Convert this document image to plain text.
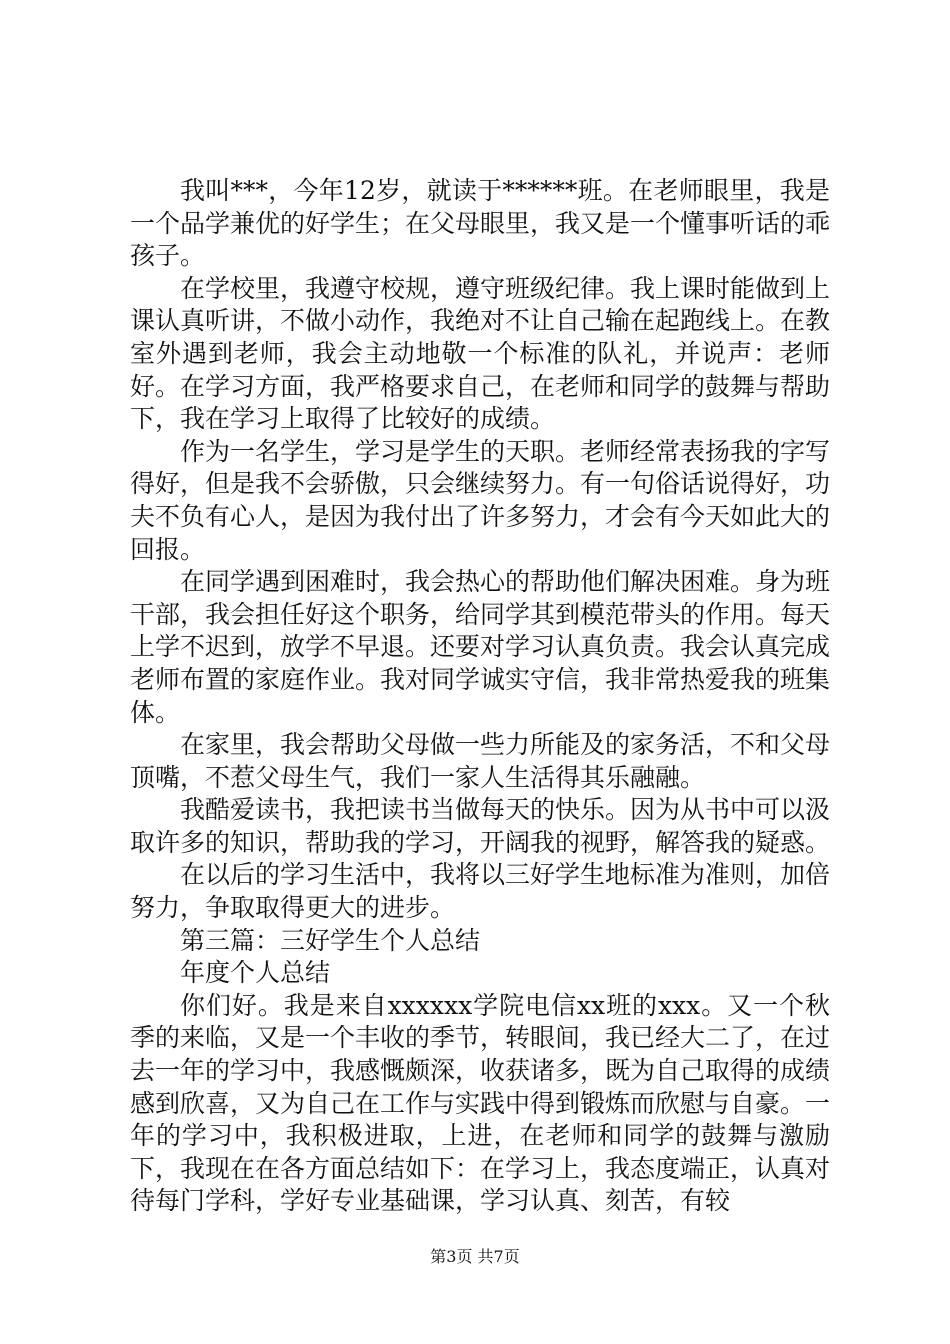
我叫***，今年12岁，就读于******班。在老师眼里，我是一个品学兼优的好学生；在父母眼里，我又是一个懂事听话的乖孩子。

在学校里，我遵守校规，遵守班级纪律。我上课时能做到上课认真听讲，不做小动作，我绝对不让自己输在起跑线上。在教室外遇到老师，我会主动地敬一个标准的队礼，并说声：老师好。在学习方面，我严格要求自己，在老师和同学的鼓舞与帮助下，我在学习上取得了比较好的成绩。

作为一名学生，学习是学生的天职。老师经常表扬我的字写得好，但是我不会骄傲，只会继续努力。有一句俗话说得好，功夫不负有心人，是因为我付出了许多努力，才会有今天如此大的回报。

在同学遇到困难时，我会热心的帮助他们解决困难。身为班干部，我会担任好这个职务，给同学其到模范带头的作用。每天上学不迟到，放学不早退。还要对学习认真负责。我会认真完成老师布置的家庭作业。我对同学诚实守信，我非常热爱我的班集体。

在家里，我会帮助父母做一些力所能及的家务活，不和父母顶嘴，不惹父母生气，我们一家人生活得其乐融融。

我酷爱读书，我把读书当做每天的快乐。因为从书中可以汲取许多的知识，帮助我的学习，开阔我的视野，解答我的疑惑。

在以后的学习生活中，我将以三好学生地标准为准则，加倍努力，争取取得更大的进步。

第三篇：三好学生个人总结

年度个人总结

你们好。我是来自xxxxxx学院电信xx班的xxx。又一个秋季的来临，又是一个丰收的季节，转眼间，我已经大二了，在过去一年的学习中，我感慨颇深，收获诸多，既为自己取得的成绩感到欣喜，又为自己在工作与实践中得到锻炼而欣慰与自豪。一年的学习中，我积极进取，上进，在老师和同学的鼓舞与激励下，我现在在各方面总结如下：在学习上，我态度端正，认真对待每门学科，学好专业基础课，学习认真、刻苦，有较

第3页 共7页
